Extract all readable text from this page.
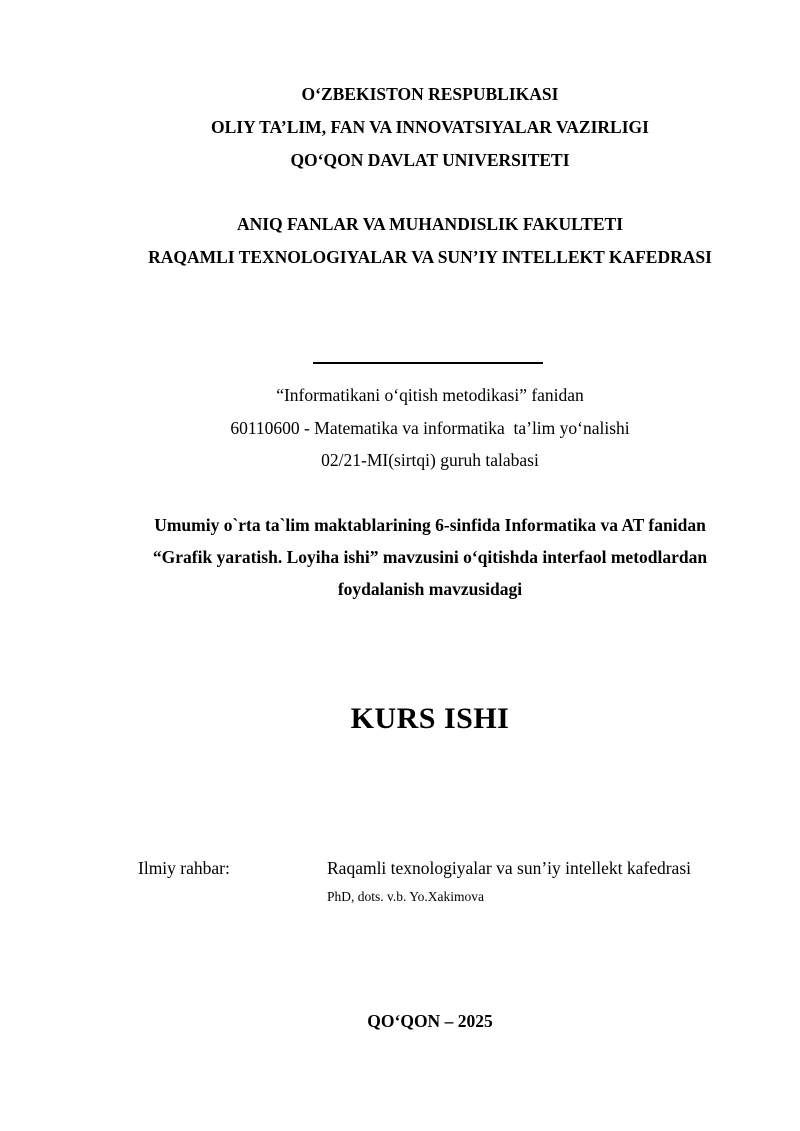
O‘ZBEKISTON RESPUBLIKASI
OLIY TA’LIM, FAN VA INNOVATSIYALAR VAZIRLIGI
QO‘QON DAVLAT UNIVERSITETI
ANIQ FANLAR VA MUHANDISLIK FAKULTETI
RAQAMLI TEXNOLOGIYALAR VA SUN’IY INTELLEKT KAFEDRASI
“Informatikani o‘qitish metodikasi” fanidan
60110600 - Matematika va informatika  ta’lim yo‘nalishi
02/21-MI(sirtqi) guruh talabasi
Umumiy o`rta ta`lim maktablarining 6-sinfida Informatika va AT fanidan
“Grafik yaratish. Loyiha ishi” mavzusini o‘qitishda interfaol metodlardan
foydalanish mavzusidagi
KURS ISHI
Ilmiy rahbar:	Raqamli texnologiyalar va sun’iy intellekt kafedrasi
PhD, dots. v.b. Yo.Xakimova
QO‘QON – 2025
